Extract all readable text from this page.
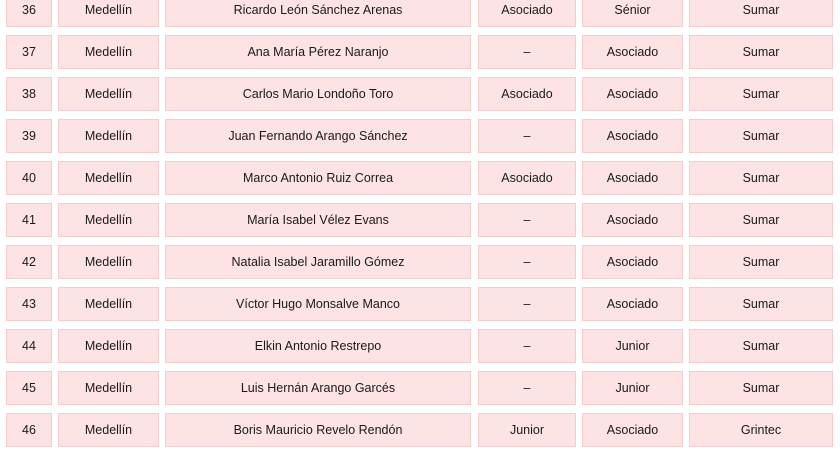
36	Medellín	Ricardo León Sánchez Arenas	Asociado	Sénior	Sumar
37	Medellín	Ana María Pérez Naranjo	–	Asociado	Sumar
38	Medellín	Carlos Mario Londoño Toro	Asociado	Asociado	Sumar
39	Medellín	Juan Fernando Arango Sánchez	–	Asociado	Sumar
40	Medellín	Marco Antonio Ruiz Correa	Asociado	Asociado	Sumar
41	Medellín	María Isabel Vélez Evans	–	Asociado	Sumar
42	Medellín	Natalia Isabel Jaramillo Gómez	–	Asociado	Sumar
43	Medellín	Víctor Hugo Monsalve Manco	–	Asociado	Sumar
44	Medellín	Elkin Antonio Restrepo	–	Junior	Sumar
45	Medellín	Luis Hernán Arango Garcés	–	Junior	Sumar
46	Medellín	Boris Mauricio Revelo Rendón	Junior	Asociado	Grintec
